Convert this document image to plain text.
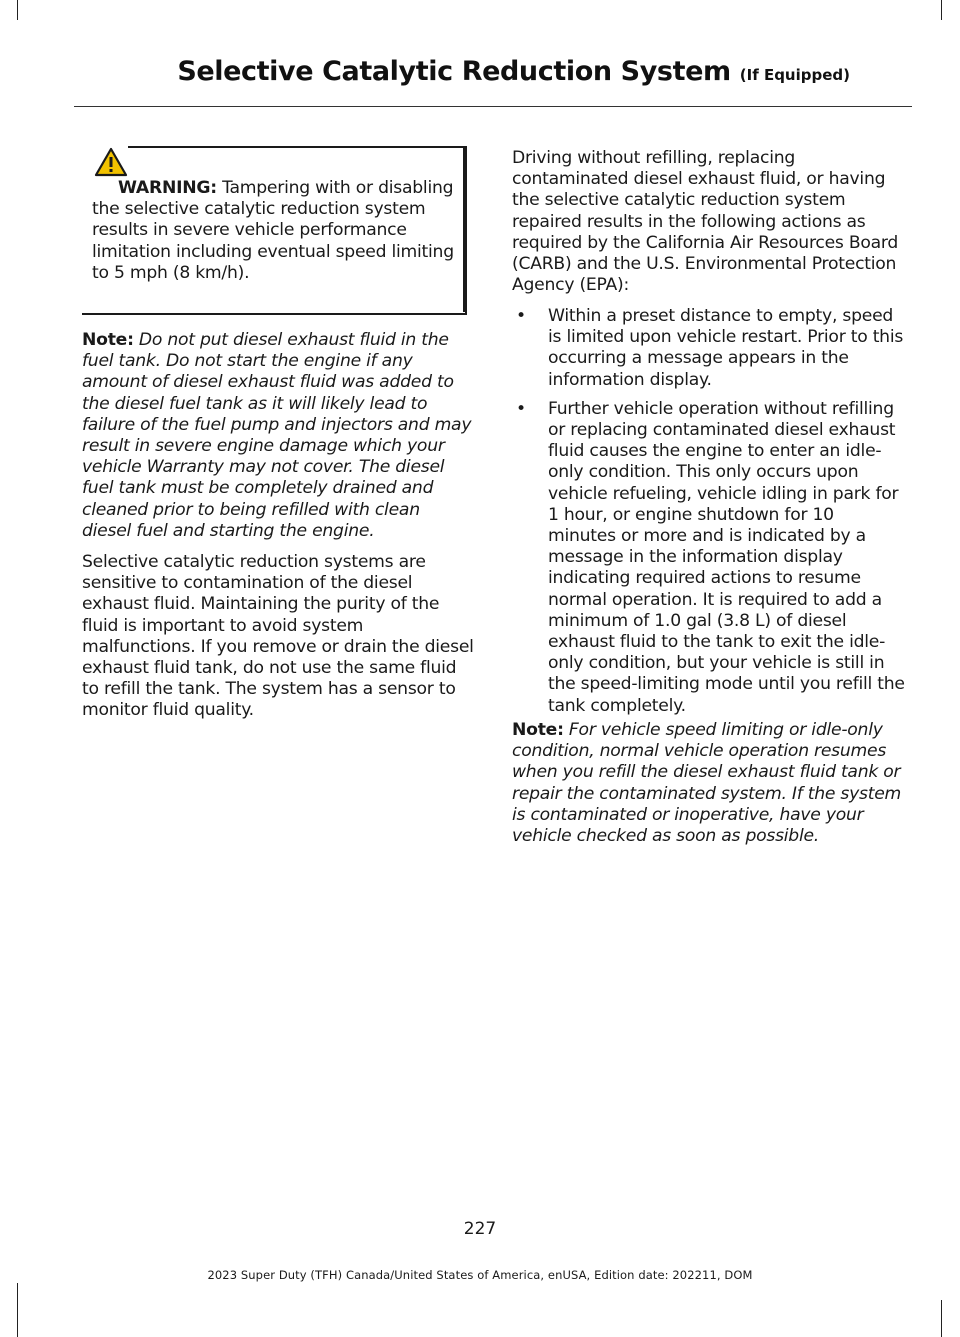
Selective Catalytic Reduction System (If Equipped)
WARNING: Tampering with or disabling the selective catalytic reduction system results in severe vehicle performance limitation including eventual speed limiting to 5 mph (8 km/h).

Note: Do not put diesel exhaust fluid in the fuel tank. Do not start the engine if any amount of diesel exhaust fluid was added to the diesel fuel tank as it will likely lead to failure of the fuel pump and injectors and may result in severe engine damage which your vehicle Warranty may not cover. The diesel fuel tank must be completely drained and cleaned prior to being refilled with clean diesel fuel and starting the engine.

Selective catalytic reduction systems are sensitive to contamination of the diesel exhaust fluid. Maintaining the purity of the fluid is important to avoid system malfunctions. If you remove or drain the diesel exhaust fluid tank, do not use the same fluid to refill the tank. The system has a sensor to monitor fluid quality.

Driving without refilling, replacing contaminated diesel exhaust fluid, or having the selective catalytic reduction system repaired results in the following actions as required by the California Air Resources Board (CARB) and the U.S. Environmental Protection Agency (EPA):

• Within a preset distance to empty, speed is limited upon vehicle restart. Prior to this occurring a message appears in the information display.
• Further vehicle operation without refilling or replacing contaminated diesel exhaust fluid causes the engine to enter an idle-only condition. This only occurs upon vehicle refueling, vehicle idling in park for 1 hour, or engine shutdown for 10 minutes or more and is indicated by a message in the information display indicating required actions to resume normal operation. It is required to add a minimum of 1.0 gal (3.8 L) of diesel exhaust fluid to the tank to exit the idle-only condition, but your vehicle is still in the speed-limiting mode until you refill the tank completely.

Note: For vehicle speed limiting or idle-only condition, normal vehicle operation resumes when you refill the diesel exhaust fluid tank or repair the contaminated system. If the system is contaminated or inoperative, have your vehicle checked as soon as possible.

227
2023 Super Duty (TFH) Canada/United States of America, enUSA, Edition date: 202211, DOM
